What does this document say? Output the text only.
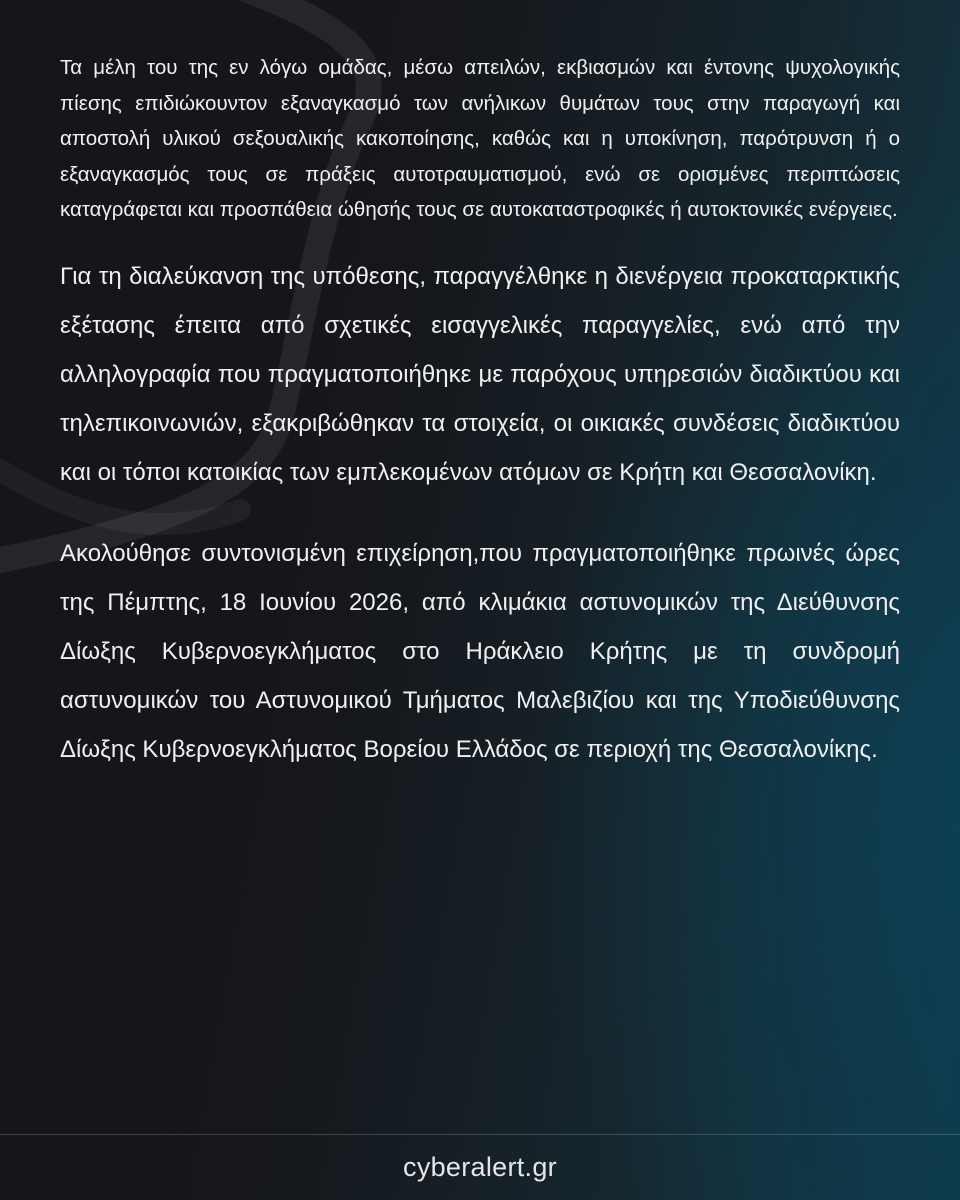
Τα μέλη του της εν λόγω ομάδας, μέσω απειλών, εκβιασμών και έντονης ψυχολογικής πίεσης επιδιώκουντον εξαναγκασμό των ανήλικων θυμάτων τους στην παραγωγή και αποστολή υλικού σεξουαλικής κακοποίησης, καθώς και η υποκίνηση, παρότρυνση ή ο εξαναγκασμός τους σε πράξεις αυτοτραυματισμού, ενώ σε ορισμένες περιπτώσεις καταγράφεται και προσπάθεια ώθησής τους σε αυτοκαταστροφικές ή αυτοκτονικές ενέργειες.

Για τη διαλεύκανση της υπόθεσης, παραγγέλθηκε η διενέργεια προκαταρκτικής εξέτασης έπειτα από σχετικές εισαγγελικές παραγγελίες, ενώ από την αλληλογραφία που πραγματοποιήθηκε με παρόχους υπηρεσιών διαδικτύου και τηλεπικοινωνιών, εξακριβώθηκαν τα στοιχεία, οι οικιακές συνδέσεις διαδικτύου και οι τόποι κατοικίας των εμπλεκομένων ατόμων σε Κρήτη και Θεσσαλονίκη.

Ακολούθησε συντονισμένη επιχείρηση,που πραγματοποιήθηκε πρωινές ώρες της Πέμπτης, 18 Ιουνίου 2026, από κλιμάκια αστυνομικών της Διεύθυνσης Δίωξης Κυβερνοεγκλήματος στο Ηράκλειο Κρήτης με τη συνδρομή αστυνομικών του Αστυνομικού Τμήματος Μαλεβιζίου και της Υποδιεύθυνσης Δίωξης Κυβερνοεγκλήματος Βορείου Ελλάδος σε περιοχή της Θεσσαλονίκης.

cyberalert.gr
